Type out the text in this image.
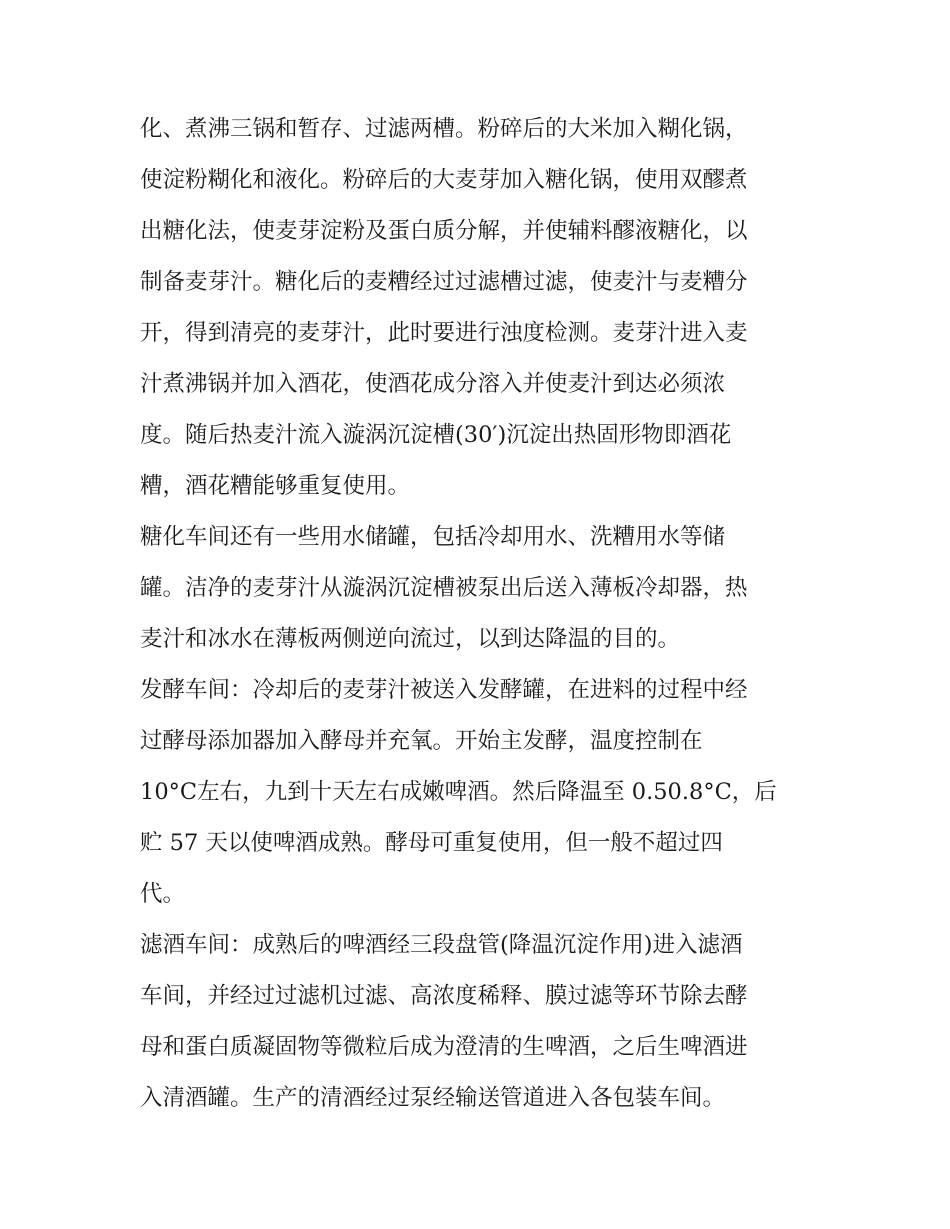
化、煮沸三锅和暂存、过滤两槽。粉碎后的大米加入糊化锅，
使淀粉糊化和液化。粉碎后的大麦芽加入糖化锅，使用双醪煮
出糖化法，使麦芽淀粉及蛋白质分解，并使辅料醪液糖化，以
制备麦芽汁。糖化后的麦糟经过过滤槽过滤，使麦汁与麦糟分
开，得到清亮的麦芽汁，此时要进行浊度检测。麦芽汁进入麦
汁煮沸锅并加入酒花，使酒花成分溶入并使麦汁到达必须浓
度。随后热麦汁流入漩涡沉淀槽(30′)沉淀出热固形物即酒花
糟，酒花糟能够重复使用。
糖化车间还有一些用水储罐，包括冷却用水、洗糟用水等储
罐。洁净的麦芽汁从漩涡沉淀槽被泵出后送入薄板冷却器，热
麦汁和冰水在薄板两侧逆向流过，以到达降温的目的。
发酵车间：冷却后的麦芽汁被送入发酵罐，在进料的过程中经
过酵母添加器加入酵母并充氧。开始主发酵，温度控制在
10°C左右，九到十天左右成嫩啤酒。然后降温至 0.50.8°C，后
贮 57 天以使啤酒成熟。酵母可重复使用，但一般不超过四
代。
滤酒车间：成熟后的啤酒经三段盘管(降温沉淀作用)进入滤酒
车间，并经过过滤机过滤、高浓度稀释、膜过滤等环节除去酵
母和蛋白质凝固物等微粒后成为澄清的生啤酒，之后生啤酒进
入清酒罐。生产的清酒经过泵经输送管道进入各包装车间。
